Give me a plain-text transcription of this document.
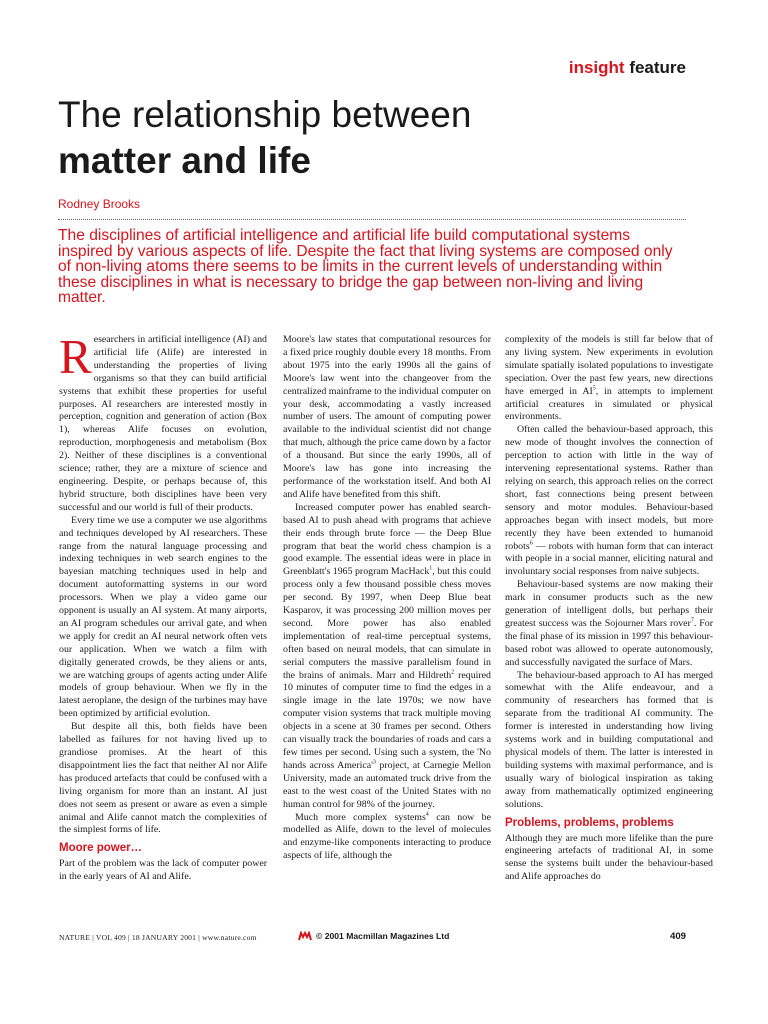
insight feature
The relationship between
matter and life
Rodney Brooks
The disciplines of artificial intelligence and artificial life build computational systems inspired by various aspects of life. Despite the fact that living systems are composed only of non-living atoms there seems to be limits in the current levels of understanding within these disciplines in what is necessary to bridge the gap between non-living and living matter.

Researchers in artificial intelligence (AI) and artificial life (Alife) are interested in understanding the properties of living organisms so that they can build artificial systems that exhibit these properties for useful purposes. AI researchers are interested mostly in perception, cognition and generation of action (Box 1), whereas Alife focuses on evolution, reproduction, morphogenesis and metabolism (Box 2). Neither of these disciplines is a conventional science; rather, they are a mixture of science and engineering. Despite, or perhaps because of, this hybrid structure, both disciplines have been very successful and our world is full of their products.

Every time we use a computer we use algorithms and techniques developed by AI researchers. These range from the natural language processing and indexing techniques in web search engines to the bayesian matching techniques used in help and document autoformatting systems in our word processors. When we play a video game our opponent is usually an AI system. At many airports, an AI program schedules our arrival gate, and when we apply for credit an AI neural network often vets our application. When we watch a film with digitally generated crowds, be they aliens or ants, we are watching groups of agents acting under Alife models of group behaviour. When we fly in the latest aeroplane, the design of the turbines may have been optimized by artificial evolution.

But despite all this, both fields have been labelled as failures for not having lived up to grandiose promises. At the heart of this disappointment lies the fact that neither AI nor Alife has produced artefacts that could be confused with a living organism for more than an instant. AI just does not seem as present or aware as even a simple animal and Alife cannot match the complexities of the simplest forms of life.

Moore power…

Part of the problem was the lack of computer power in the early years of AI and Alife.

Moore's law states that computational resources for a fixed price roughly double every 18 months. From about 1975 into the early 1990s all the gains of Moore's law went into the changeover from the centralized mainframe to the individual computer on your desk, accommodating a vastly increased number of users. The amount of computing power available to the individual scientist did not change that much, although the price came down by a factor of a thousand. But since the early 1990s, all of Moore's law has gone into increasing the performance of the workstation itself. And both AI and Alife have benefited from this shift.

Increased computer power has enabled search-based AI to push ahead with programs that achieve their ends through brute force — the Deep Blue program that beat the world chess champion is a good example. The essential ideas were in place in Greenblatt's 1965 program MacHack$^1$, but this could process only a few thousand possible chess moves per second. By 1997, when Deep Blue beat Kasparov, it was processing 200 million moves per second. More power has also enabled implementation of real-time perceptual systems, often based on neural models, that can simulate in serial computers the massive parallelism found in the brains of animals. Marr and Hildreth$^2$ required 10 minutes of computer time to find the edges in a single image in the late 1970s; we now have computer vision systems that track multiple moving objects in a scene at 30 frames per second. Others can visually track the boundaries of roads and cars a few times per second. Using such a system, the 'No hands across $America'^3$ project, at Carnegie Mellon University, made an automated truck drive from the east to the west coast of the United States with no human control for 98% of the journey.

Much more complex systems$^4$ can now be modelled as Alife, down to the level of molecules and enzyme-like components interacting to produce aspects of life, although the

complexity of the models is still far below that of any living system. New experiments in evolution simulate spatially isolated populations to investigate speciation. Over the past few years, new directions have emerged in $AI^5$, in attempts to implement artificial creatures in simulated or physical environments.

Often called the behaviour-based approach, this new mode of thought involves the connection of perception to action with little in the way of intervening representational systems. Rather than relying on search, this approach relies on the correct short, fast connections being present between sensory and motor modules. Behaviour-based approaches began with insect models, but more recently they have been extended to humanoid robots$^6$ — robots with human form that can interact with people in a social manner, eliciting natural and involuntary social responses from naive subjects.

Behaviour-based systems are now making their mark in consumer products such as the new generation of intelligent dolls, but perhaps their greatest success was the Sojourner Mars rover$^7$. For the final phase of its mission in 1997 this behaviour-based robot was allowed to operate autonomously, and successfully navigated the surface of Mars.

The behaviour-based approach to AI has merged somewhat with the Alife endeavour, and a community of researchers has formed that is separate from the traditional AI community. The former is interested in understanding how living systems work and in building computational and physical models of them. The latter is interested in building systems with maximal performance, and is usually wary of biological inspiration as taking away from mathematically optimized engineering solutions.

Problems, problems, problems

Although they are much more lifelike than the pure engineering artefacts of traditional AI, in some sense the systems built under the behaviour-based and Alife approaches do

NATURE | VOL 409 | 18 JANUARY 2001 | www.nature.com	© 2001 Macmillan Magazines Ltd	409
